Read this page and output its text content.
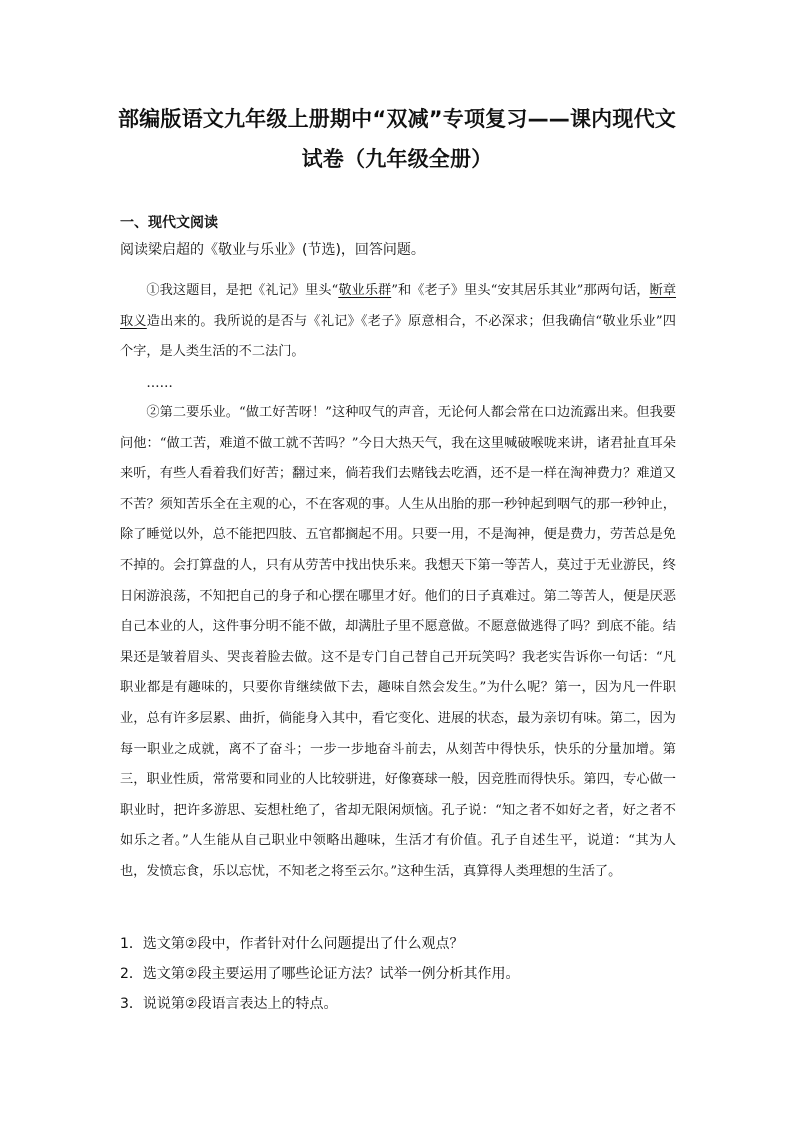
部编版语文九年级上册期中“双减”专项复习——课内现代文
试卷（九年级全册）
一、现代文阅读
阅读梁启超的《敬业与乐业》(节选)，回答问题。

①我这题目，是把《礼记》里头“敬业乐群”和《老子》里头“安其居乐其业”那两句话，断章取义造出来的。我所说的是否与《礼记》《老子》原意相合，不必深求；但我确信“敬业乐业”四个字，是人类生活的不二法门。

……

②第二要乐业。“做工好苦呀！”这种叹气的声音，无论何人都会常在口边流露出来。但我要问他：“做工苦，难道不做工就不苦吗？”今日大热天气，我在这里喊破喉咙来讲，诸君扯直耳朵来听，有些人看着我们好苦；翻过来，倘若我们去赌钱去吃酒，还不是一样在淘神费力？难道又不苦？须知苦乐全在主观的心，不在客观的事。人生从出胎的那一秒钟起到咽气的那一秒钟止，除了睡觉以外，总不能把四肢、五官都搁起不用。只要一用，不是淘神，便是费力，劳苦总是免不掉的。会打算盘的人，只有从劳苦中找出快乐来。我想天下第一等苦人，莫过于无业游民，终日闲游浪荡，不知把自己的身子和心摆在哪里才好。他们的日子真难过。第二等苦人，便是厌恶自己本业的人，这件事分明不能不做，却满肚子里不愿意做。不愿意做逃得了吗？到底不能。结果还是皱着眉头、哭丧着脸去做。这不是专门自己替自己开玩笑吗？我老实告诉你一句话：“凡职业都是有趣味的，只要你肯继续做下去，趣味自然会发生。”为什么呢？第一，因为凡一件职业，总有许多层累、曲折，倘能身入其中，看它变化、进展的状态，最为亲切有味。第二，因为每一职业之成就，离不了奋斗；一步一步地奋斗前去，从刻苦中得快乐，快乐的分量加增。第三，职业性质，常常要和同业的人比较骈进，好像赛球一般，因竞胜而得快乐。第四，专心做一职业时，把许多游思、妄想杜绝了，省却无限闲烦恼。孔子说：“知之者不如好之者，好之者不如乐之者。”人生能从自己职业中领略出趣味，生活才有价值。孔子自述生平，说道：“其为人也，发愤忘食，乐以忘忧，不知老之将至云尔。”这种生活，真算得人类理想的生活了。

1．选文第②段中，作者针对什么问题提出了什么观点？
2．选文第②段主要运用了哪些论证方法？试举一例分析其作用。
3．说说第②段语言表达上的特点。
